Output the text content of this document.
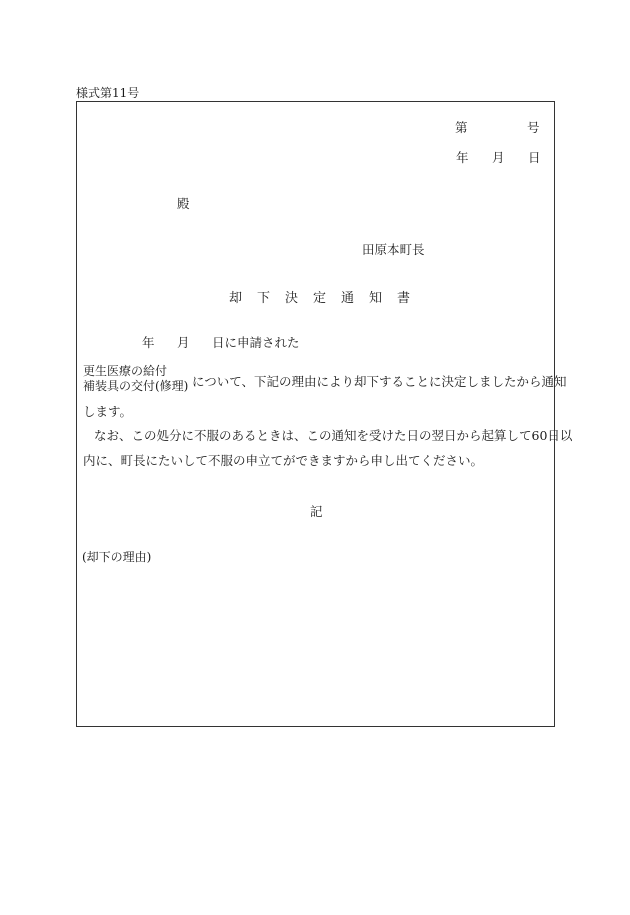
様式第11号
第	号
年 月 日
殿
田原本町長
却下決定通知書
年 月 日に申請された
更生医療の給付
補装具の交付(修理) について、下記の理由により却下することに決定しましたから通知
します。
なお、この処分に不服のあるときは、この通知を受けた日の翌日から起算して60日以
内に、町長にたいして不服の申立てができますから申し出てください。
記
(却下の理由)
